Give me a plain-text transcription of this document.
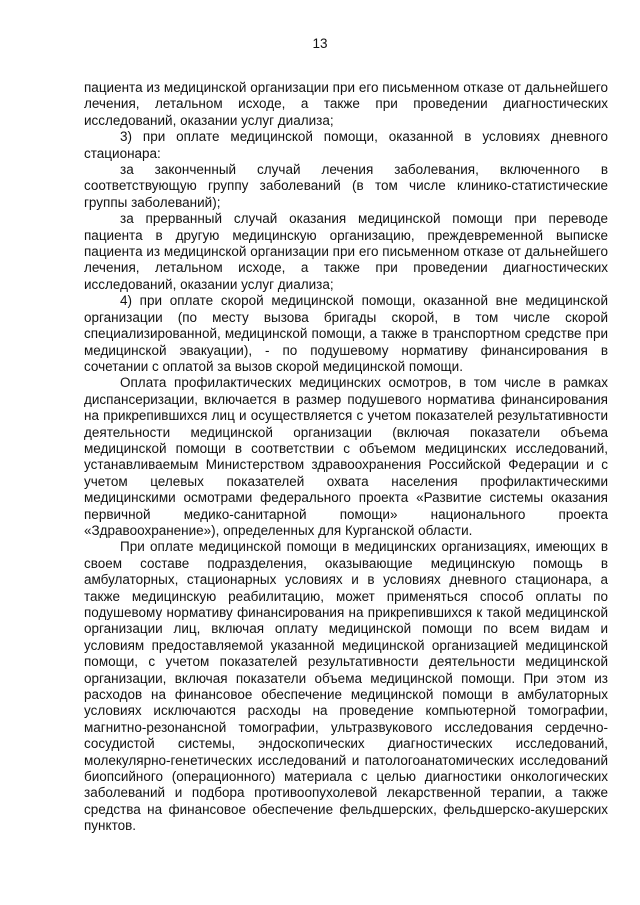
13

пациента из медицинской организации при его письменном отказе от дальнейшего лечения, летальном исходе, а также при проведении диагностических исследований, оказании услуг диализа;

3) при оплате медицинской помощи, оказанной в условиях дневного стационара:

за законченный случай лечения заболевания, включенного в соответствующую группу заболеваний (в том числе клинико-статистические группы заболеваний);

за прерванный случай оказания медицинской помощи при переводе пациента в другую медицинскую организацию, преждевременной выписке пациента из медицинской организации при его письменном отказе от дальнейшего лечения, летальном исходе, а также при проведении диагностических исследований, оказании услуг диализа;

4) при оплате скорой медицинской помощи, оказанной вне медицинской организации (по месту вызова бригады скорой, в том числе скорой специализированной, медицинской помощи, а также в транспортном средстве при медицинской эвакуации), - по подушевому нормативу финансирования в сочетании с оплатой за вызов скорой медицинской помощи.

Оплата профилактических медицинских осмотров, в том числе в рамках диспансеризации, включается в размер подушевого норматива финансирования на прикрепившихся лиц и осуществляется с учетом показателей результативности деятельности медицинской организации (включая показатели объема медицинской помощи в соответствии с объемом медицинских исследований, устанавливаемым Министерством здравоохранения Российской Федерации и с учетом целевых показателей охвата населения профилактическими медицинскими осмотрами федерального проекта «Развитие системы оказания первичной медико-санитарной помощи» национального проекта «Здравоохранение»), определенных для Курганской области.

При оплате медицинской помощи в медицинских организациях, имеющих в своем составе подразделения, оказывающие медицинскую помощь в амбулаторных, стационарных условиях и в условиях дневного стационара, а также медицинскую реабилитацию, может применяться способ оплаты по подушевому нормативу финансирования на прикрепившихся к такой медицинской организации лиц, включая оплату медицинской помощи по всем видам и условиям предоставляемой указанной медицинской организацией медицинской помощи, с учетом показателей результативности деятельности медицинской организации, включая показатели объема медицинской помощи. При этом из расходов на финансовое обеспечение медицинской помощи в амбулаторных условиях исключаются расходы на проведение компьютерной томографии, магнитно-резонансной томографии, ультразвукового исследования сердечно-сосудистой системы, эндоскопических диагностических исследований, молекулярно-генетических исследований и патологоанатомических исследований биопсийного (операционного) материала с целью диагностики онкологических заболеваний и подбора противоопухолевой лекарственной терапии, а также средства на финансовое обеспечение фельдшерских, фельдшерско-акушерских пунктов.
